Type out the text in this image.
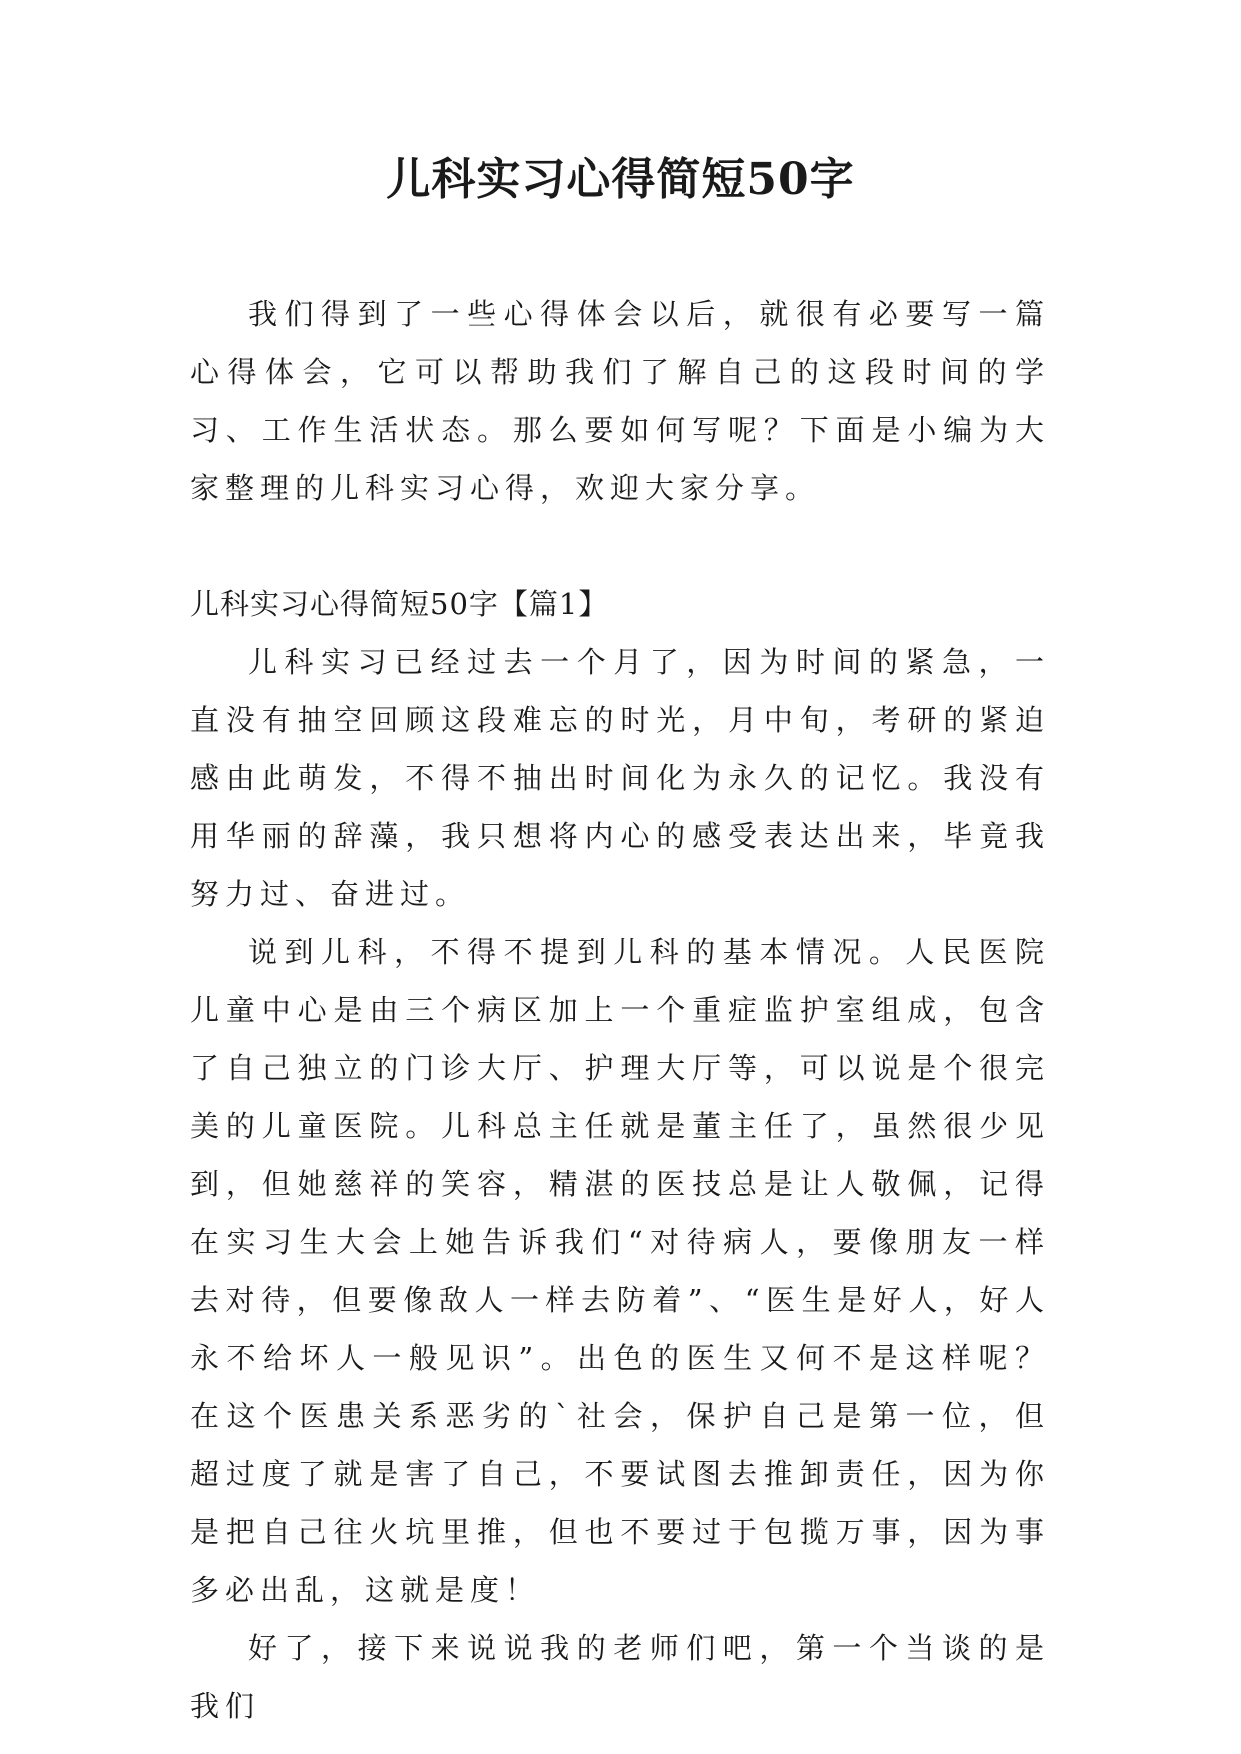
儿科实习心得简短50字

我们得到了一些心得体会以后，就很有必要写一篇心得体会，它可以帮助我们了解自己的这段时间的学习、工作生活状态。那么要如何写呢？下面是小编为大家整理的儿科实习心得，欢迎大家分享。

儿科实习心得简短50字【篇1】

儿科实习已经过去一个月了，因为时间的紧急，一直没有抽空回顾这段难忘的时光，月中旬，考研的紧迫感由此萌发，不得不抽出时间化为永久的记忆。我没有用华丽的辞藻，我只想将内心的感受表达出来，毕竟我努力过、奋进过。

说到儿科，不得不提到儿科的基本情况。人民医院儿童中心是由三个病区加上一个重症监护室组成，包含了自己独立的门诊大厅、护理大厅等，可以说是个很完美的儿童医院。儿科总主任就是董主任了，虽然很少见到，但她慈祥的笑容，精湛的医技总是让人敬佩，记得在实习生大会上她告诉我们“对待病人，要像朋友一样去对待，但要像敌人一样去防着”、“医生是好人，好人永不给坏人一般见识”。出色的医生又何不是这样呢？在这个医患关系恶劣的`社会，保护自己是第一位，但超过度了就是害了自己，不要试图去推卸责任，因为你是把自己往火坑里推，但也不要过于包揽万事，因为事多必出乱，这就是度！

好了，接下来说说我的老师们吧，第一个当谈的是我们
